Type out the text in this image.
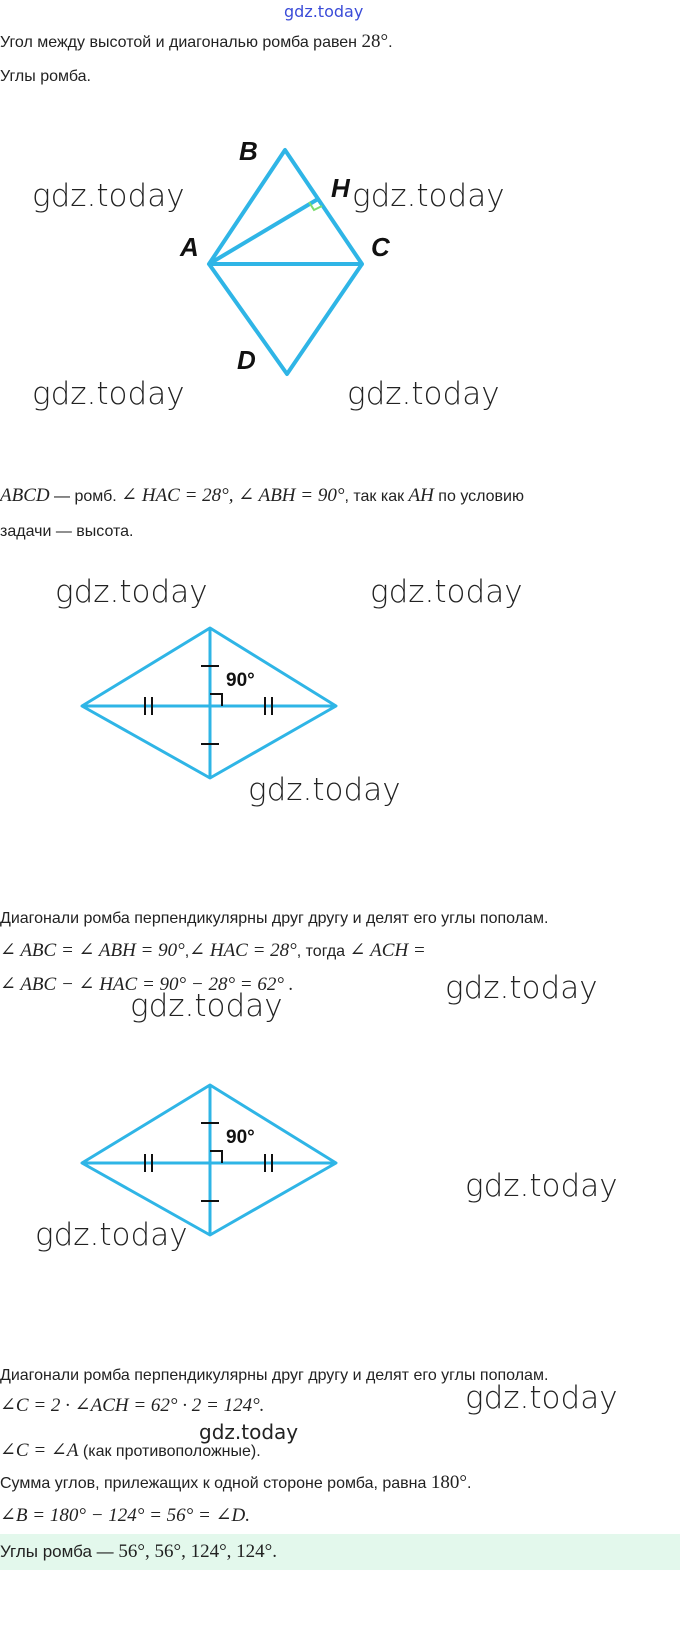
gdz.today
Угол между высотой и диагональю ромба равен 28°.
Углы ромба.
B
H
A	C
D
gdz.today	gdz.today
gdz.today	gdz.today
ABCD — ромб. ∠ HAC = 28°, ∠ ABH = 90°, так как AH по условию
задачи — высота.
gdz.today	gdz.today
90°
gdz.today
Диагонали ромба перпендикулярны друг другу и делят его углы пополам.
∠ ABC = ∠ ABH = 90°,∠ HAC = 28°, тогда ∠ ACH =
∠ ABC − ∠ HAC = 90° − 28° = 62° .	gdz.today
gdz.today
90°
gdz.today
gdz.today
Диагонали ромба перпендикулярны друг другу и делят его углы пополам.
∠C = 2 · ∠ACH = 62° · 2 = 124°.	gdz.today
gdz.today
∠C = ∠A (как противоположные).
Сумма углов, прилежащих к одной стороне ромба, равна 180°.
∠B = 180° − 124° = 56° = ∠D.
Углы ромба — 56°, 56°, 124°, 124°.
